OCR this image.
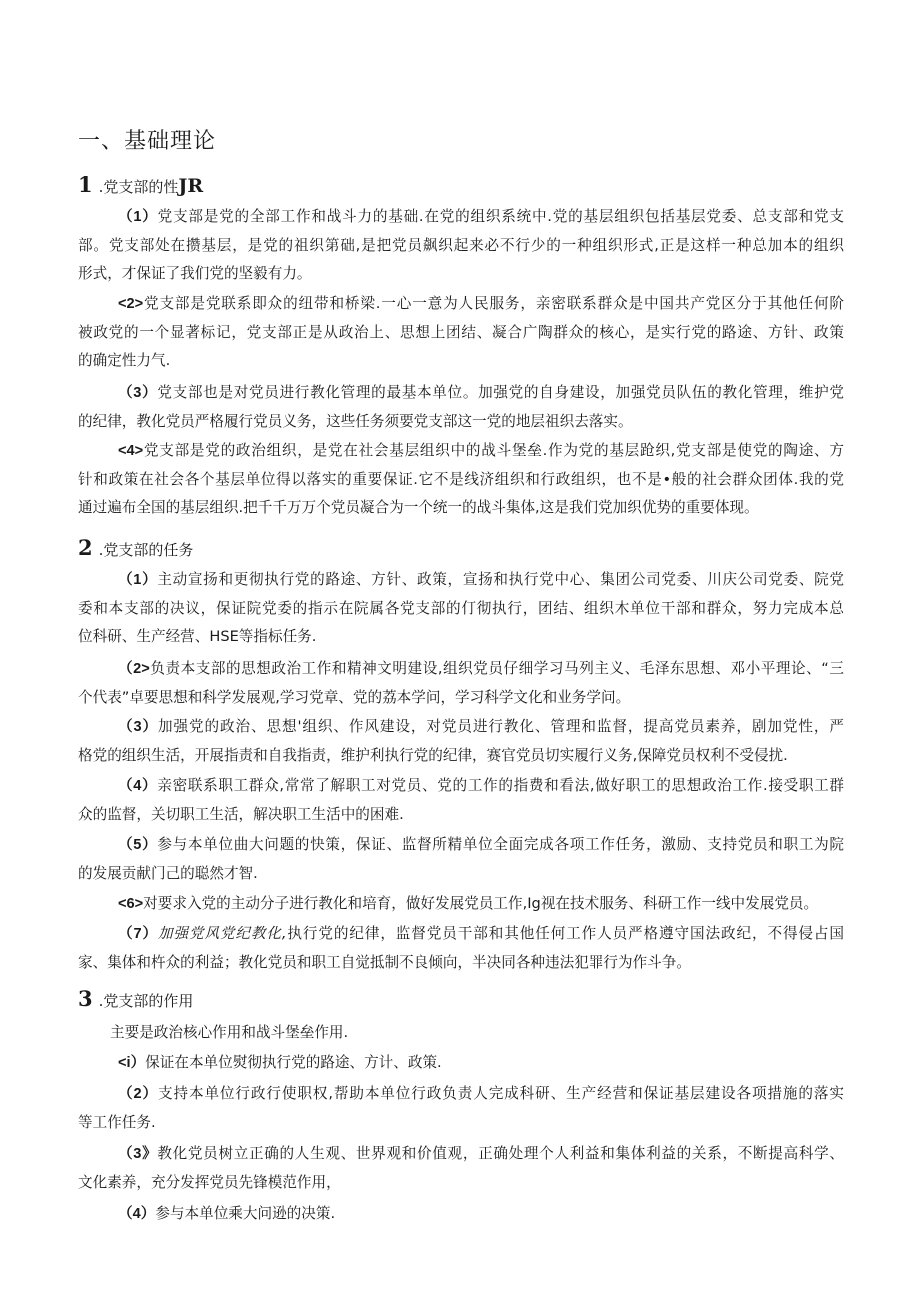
一、基础理论
1 .党支部的性JR
（1）党支部是党的全部工作和战斗力的基础.在党的组织系统中.党的基层组织包括基层党委、总支部和党支
部。党支部处在攒基层，是党的祖织第础,是把党员飙织起来必不行少的一种组织形式,正是这样一种总加本的组织
形式，才保证了我们党的坚毅有力。
<2>党支部是党联系即众的纽带和桥梁.一心一意为人民服务，亲密联系群众是中国共产党区分于其他任何阶
被政党的一个显著标记，党支部正是从政治上、思想上团结、凝合广陶群众的核心，是实行党的路途、方针、政策
的确定性力气.
（3）党支部也是对党员进行教化管理的最基本单位。加强党的自身建设，加强党员队伍的教化管理，维护党
的纪律，教化党员严格履行党员义务，这些任务须要党支部这一党的地层祖织去落实。
<4>党支部是党的政治组织，是党在社会基层组织中的战斗堡垒.作为党的基层跄织,党支部是使党的陶途、方
针和政策在社会各个基层单位得以落实的重要保证.它不是线济组织和行政组织，也不是•般的社会群众团体.我的党
通过遍布全国的基层组织.把千千万万个党员凝合为一个统一的战斗集体,这是我们党加织优势的重要体现。
2 .党支部的任务
（1）主动宣扬和更彻执行党的路途、方针、政策，宣扬和执行党中心、集团公司党委、川庆公司党委、院党
委和本支部的决议，保证院党委的指示在院属各党支部的仃彻执行，团结、组织木单位干部和群众，努力完成本总
位科研、生产经营、HSE等指标任务.
（2>负责本支部的思想政治工作和精神文明建设,组织党员仔细学习马列主义、毛泽东思想、邓小平理论、“三
个代表”卓要思想和科学发展观,学习党章、党的荔本学问，学习科学文化和业务学问。
（3）加强党的政治、思想'组织、作风建设，对党员进行教化、管理和监督，提高党员素养，剧加党性，严
格党的组织生活，开展指责和自我指责，维护利执行党的纪律，赛官党员切实履行义务,保障党员权利不受侵扰.
（4）亲密联系职工群众,常常了解职工对党员、党的工作的指费和看法,做好职工的思想政治工作.接受职工群
众的监督，关切职工生活，解决职工生活中的困难.
（5）参与本单位曲大问题的快策，保证、监督所精单位全面完成各项工作任务，激励、支持党员和职工为院
的发展贡献门己的聪然才智.
<6>对要求入党的主动分子进行教化和培育，做好发展党员工作,Ig视在技术服务、科研工作一线中发展党员。
（7）加强党风党纪教化,执行党的纪律，监督党员干部和其他任何工作人员严格遵守国法政纪，不得侵占国
家、集体和杵众的利益；教化党员和职工自觉抵制不良倾向，半决同各种违法犯罪行为作斗争。
3 .党支部的作用
主要是政治核心作用和战斗堡垒作用.
<i）保证在本单位熨彻执行党的路途、方计、政策.
（2）支持本单位行政行使职权,帮助本单位行政负责人完成科研、生产经营和保证基层建设各项措施的落实
等工作任务.
（3》教化党员树立正确的人生观、世界观和价值观，正确处理个人利益和集体利益的关系，不断提高科学、
文化素养，充分发挥党员先锋模范作用，
（4）参与本单位乘大问逊的决策.
